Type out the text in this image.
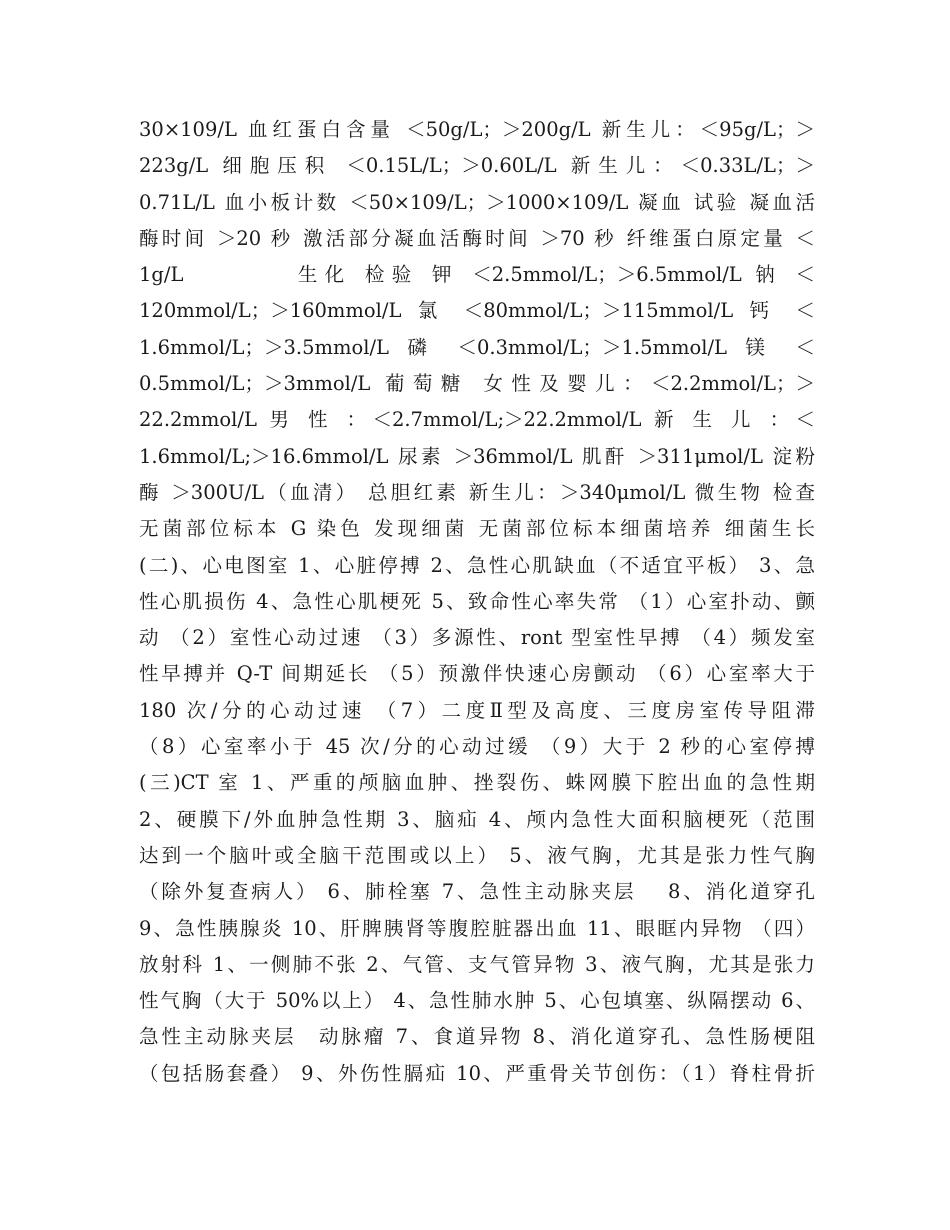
30×109/L 血红蛋白含量 ＜50g/L；＞200g/L 新生儿：＜95g/L；＞
223g/L 细胞压积 ＜0.15L/L；＞0.60L/L 新生儿：＜0.33L/L；＞
0.71L/L 血小板计数 ＜50×109/L；＞1000×109/L 凝血 试验 凝血活
酶时间 ＞20 秒 激活部分凝血活酶时间 ＞70 秒 纤维蛋白原定量 ＜
1g/L　　　　生化 检验 钾 ＜2.5mmol/L；＞6.5mmol/L 钠 ＜
120mmol/L；＞160mmol/L 氯 ＜80mmol/L；＞115mmol/L 钙 ＜
1.6mmol/L；＞3.5mmol/L 磷 ＜0.3mmol/L；＞1.5mmol/L 镁 ＜
0.5mmol/L；＞3mmol/L 葡萄糖 女性及婴儿：＜2.2mmol/L；＞
22.2mmol/L 男 性 ：＜2.7mmol/L;＞22.2mmol/L 新 生 儿 ：＜
1.6mmol/L;＞16.6mmol/L 尿素 ＞36mmol/L 肌酐 ＞311μmol/L 淀粉
酶 ＞300U/L（血清） 总胆红素 新生儿：＞340μmol/L 微生物 检查
无菌部位标本 G 染色 发现细菌 无菌部位标本细菌培养 细菌生长
(二)、心电图室 1、心脏停搏 2、急性心肌缺血（不适宜平板） 3、急
性心肌损伤 4、急性心肌梗死 5、致命性心率失常 （1）心室扑动、颤
动 （2）室性心动过速 （3）多源性、ront 型室性早搏 （4）频发室
性早搏并 Q-T 间期延长 （5）预激伴快速心房颤动 （6）心室率大于
180 次/分的心动过速 （7）二度Ⅱ型及高度、三度房室传导阻滞
（8）心室率小于 45 次/分的心动过缓 （9）大于 2 秒的心室停搏
(三)CT 室 1、严重的颅脑血肿、挫裂伤、蛛网膜下腔出血的急性期
2、硬膜下/外血肿急性期 3、脑疝 4、颅内急性大面积脑梗死（范围
达到一个脑叶或全脑干范围或以上） 5、液气胸，尤其是张力性气胸
（除外复查病人） 6、肺栓塞 7、急性主动脉夹层　 8、消化道穿孔
9、急性胰腺炎 10、肝脾胰肾等腹腔脏器出血 11、眼眶内异物 （四）
放射科 1、一侧肺不张 2、气管、支气管异物 3、液气胸，尤其是张力
性气胸（大于 50%以上） 4、急性肺水肿 5、心包填塞、纵隔摆动 6、
急性主动脉夹层　动脉瘤 7、食道异物 8、消化道穿孔、急性肠梗阻
（包括肠套叠） 9、外伤性膈疝 10、严重骨关节创伤：（1）脊柱骨折
